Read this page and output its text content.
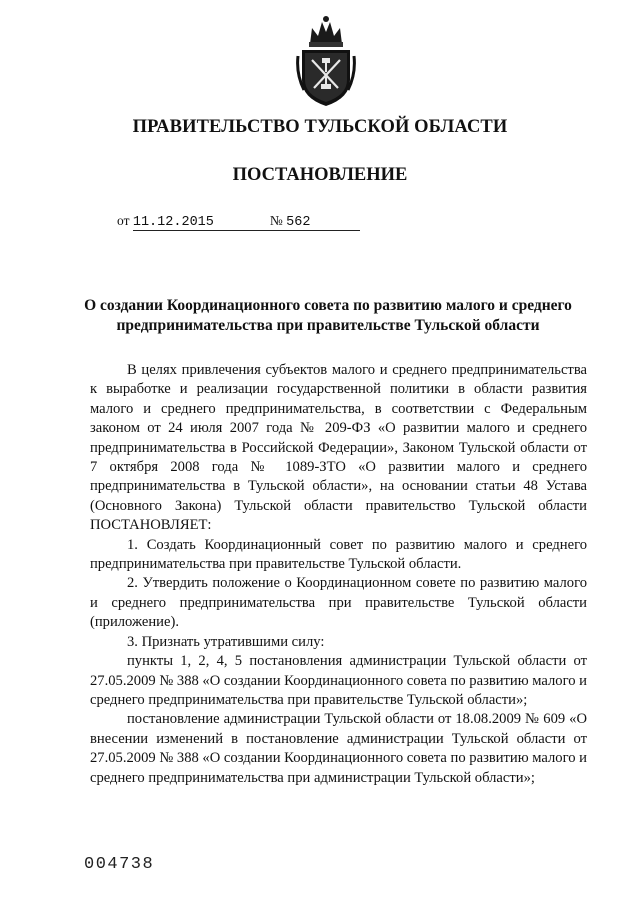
ПРАВИТЕЛЬСТВО ТУЛЬСКОЙ ОБЛАСТИ
ПОСТАНОВЛЕНИЕ
от 11.12.2015	№ 562
О создании Координационного совета по развитию малого и среднего
предпринимательства при правительстве Тульской области

В целях привлечения субъектов малого и среднего предпринимательства к выработке и реализации государственной политики в области развития малого и среднего предпринимательства, в соответствии с Федеральным законом от 24 июля 2007 года № 209-ФЗ «О развитии малого и среднего предпринимательства в Российской Федерации», Законом Тульской области от 7 октября 2008 года № 1089-ЗТО «О развитии малого и среднего предпринимательства в Тульской области», на основании статьи 48 Устава (Основного Закона) Тульской области правительство Тульской области ПОСТАНОВЛЯЕТ:

1. Создать Координационный совет по развитию малого и среднего предпринимательства при правительстве Тульской области.

2. Утвердить положение о Координационном совете по развитию малого и среднего предпринимательства при правительстве Тульской области (приложение).

3. Признать утратившими силу:

пункты 1, 2, 4, 5 постановления администрации Тульской области от 27.05.2009 № 388 «О создании Координационного совета по развитию малого и среднего предпринимательства при правительстве Тульской области»;

постановление администрации Тульской области от 18.08.2009 № 609 «О внесении изменений в постановление администрации Тульской области от 27.05.2009 № 388 «О создании Координационного совета по развитию малого и среднего предпринимательства при администрации Тульской области»;

004738
